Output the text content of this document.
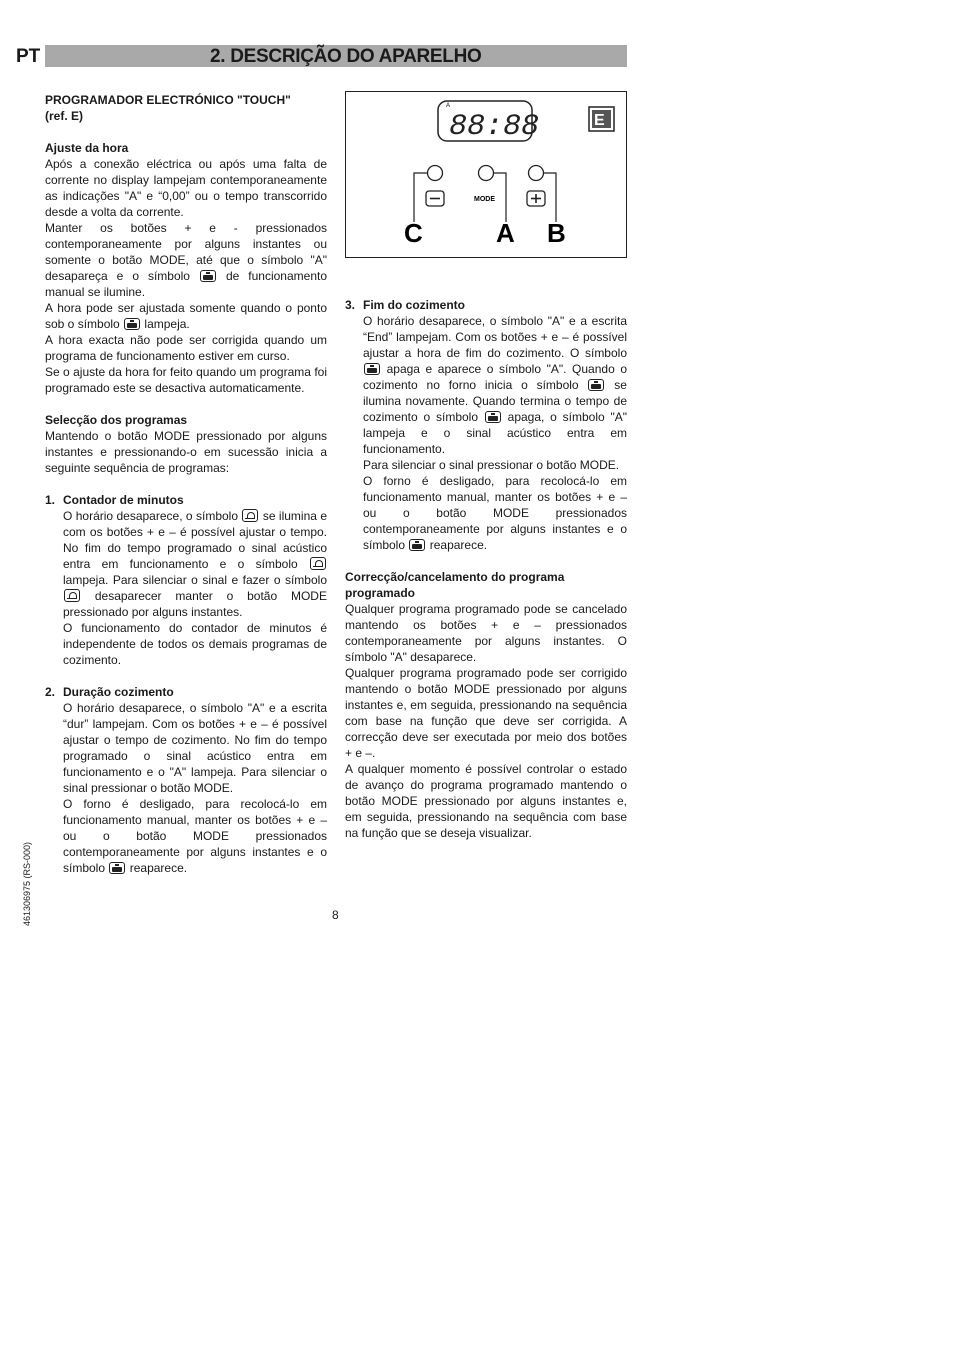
PT	2. DESCRIÇÃO DO APARELHO

PROGRAMADOR ELECTRÓNICO "TOUCH"

(ref. E)

Ajuste da hora

Após a conexão eléctrica ou após uma falta de corrente no display lampejam contemporaneamente as indicações "A" e “0,00” ou o tempo transcorrido desde a volta da corrente.

Manter os botões + e - pressionados contemporaneamente por alguns instantes ou somente o botão MODE, até que o símbolo "A" desapareça e o símbolo	de funcionamento manual se ilumine.

A hora pode ser ajustada somente quando o ponto sob o símbolo lampeja.

A hora exacta não pode ser corrigida quando um programa de funcionamento estiver em curso.

Se o ajuste da hora for feito quando um programa foi programado este se desactiva automaticamente.

Selecção dos programas

Mantendo o botão MODE pressionado por alguns instantes e pressionando-o em sucessão inicia a seguinte sequência de programas:

1. Contador de minutos

O horário desaparece, o símbolo se ilumina e com os botões + e – é possível ajustar o tempo. No fim do tempo programado o sinal acústico entra em funcionamento e o símbolo  lampeja. Para silenciar o sinal e fazer o símbolo  desaparecer manter o botão MODE pressionado por alguns instantes.

O funcionamento do contador de minutos é independente de todos os demais programas de cozimento.

2. Duração cozimento

O horário desaparece, o símbolo "A" e a escrita “dur” lampejam. Com os botões + e – é possível ajustar o tempo de cozimento. No fim do tempo programado o sinal acústico entra em funcionamento e o "A" lampeja. Para silenciar o sinal pressionar o botão MODE.

O forno é desligado, para recolocá-lo em funcionamento manual, manter os botões + e – ou o botão MODE pressionados contemporaneamente por alguns instantes e o símbolo reaparece.

A
88:88	E
MODE
C	A B
3. Fim do cozimento

O horário desaparece, o símbolo "A" e a escrita “End” lampejam. Com os botões + e – é possível ajustar a hora de fim do cozimento. O símbolo  apaga e aparece o símbolo "A". Quando o cozimento no forno inicia o símbolo	se ilumina novamente. Quando termina o tempo de cozimento o símbolo apaga, o símbolo "A" lampeja e o sinal acústico entra em funcionamento.

Para silenciar o sinal pressionar o botão MODE.

O forno é desligado, para recolocá-lo em funcionamento manual, manter os botões + e – ou o botão MODE pressionados contemporaneamente por alguns instantes e o símbolo reaparece.

Correcção/cancelamento do programa programado

Qualquer programa programado pode se cancelado mantendo os botões + e – pressionados contemporaneamente por alguns instantes. O símbolo "A" desaparece.

Qualquer programa programado pode ser corrigido mantendo o botão MODE pressionado por alguns instantes e, em seguida, pressionando na sequência com base na função que deve ser corrigida. A correcção deve ser executada por meio dos botões + e –.

A qualquer momento é possível controlar o estado de avanço do programa programado mantendo o botão MODE pressionado por alguns instantes e, em seguida, pressionando na sequência com base na função que se deseja visualizar.

8
461306975 (RS-000)
